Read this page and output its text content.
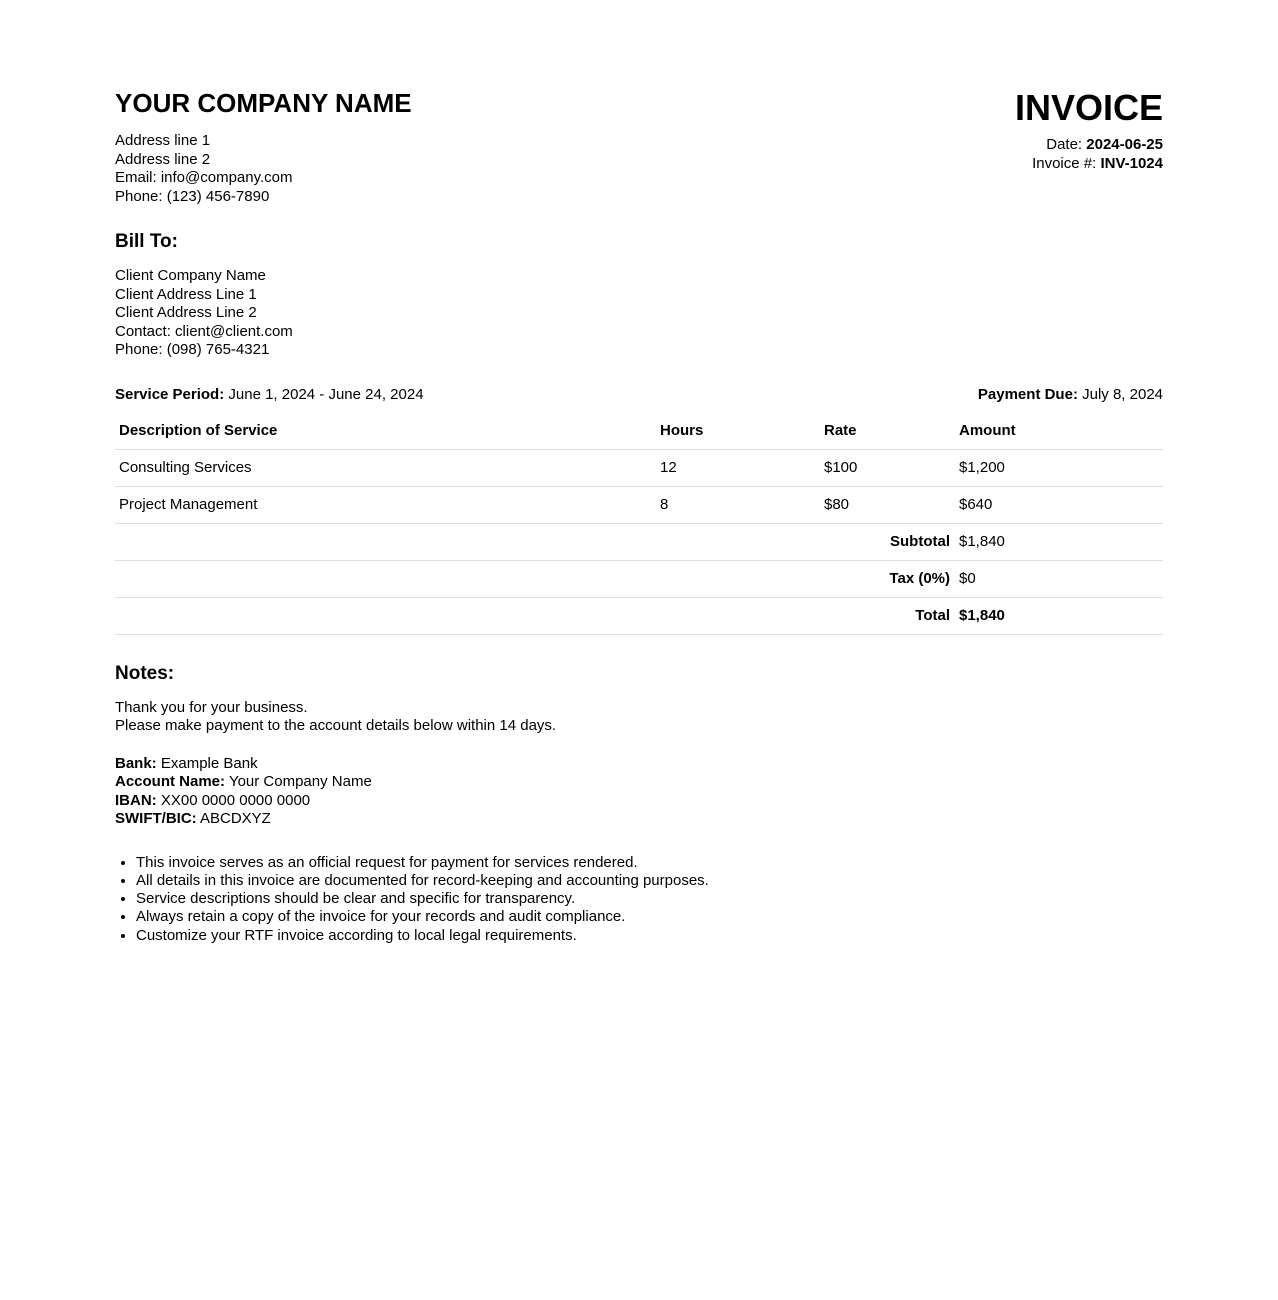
YOUR COMPANY NAME
Address line 1
Address line 2
Email: info@company.com
Phone: (123) 456-7890
INVOICE
Date: 2024-06-25
Invoice #: INV-1024
Bill To:
Client Company Name
Client Address Line 1
Client Address Line 2
Contact: client@client.com
Phone: (098) 765-4321
Service Period: June 1, 2024 - June 24, 2024	Payment Due: July 8, 2024
Description of Service	Hours	Rate	Amount
Consulting Services	12	$100	$1,200
Project Management	8	$80	$640
Subtotal			$1,840
Tax (0%)			$0
Total			$1,840
Notes:
Thank you for your business.
Please make payment to the account details below within 14 days.
Bank: Example Bank
Account Name: Your Company Name
IBAN: XX00 0000 0000 0000
SWIFT/BIC: ABCDXYZ
• This invoice serves as an official request for payment for services rendered.
• All details in this invoice are documented for record-keeping and accounting purposes.
• Service descriptions should be clear and specific for transparency.
• Always retain a copy of the invoice for your records and audit compliance.
• Customize your RTF invoice according to local legal requirements.
